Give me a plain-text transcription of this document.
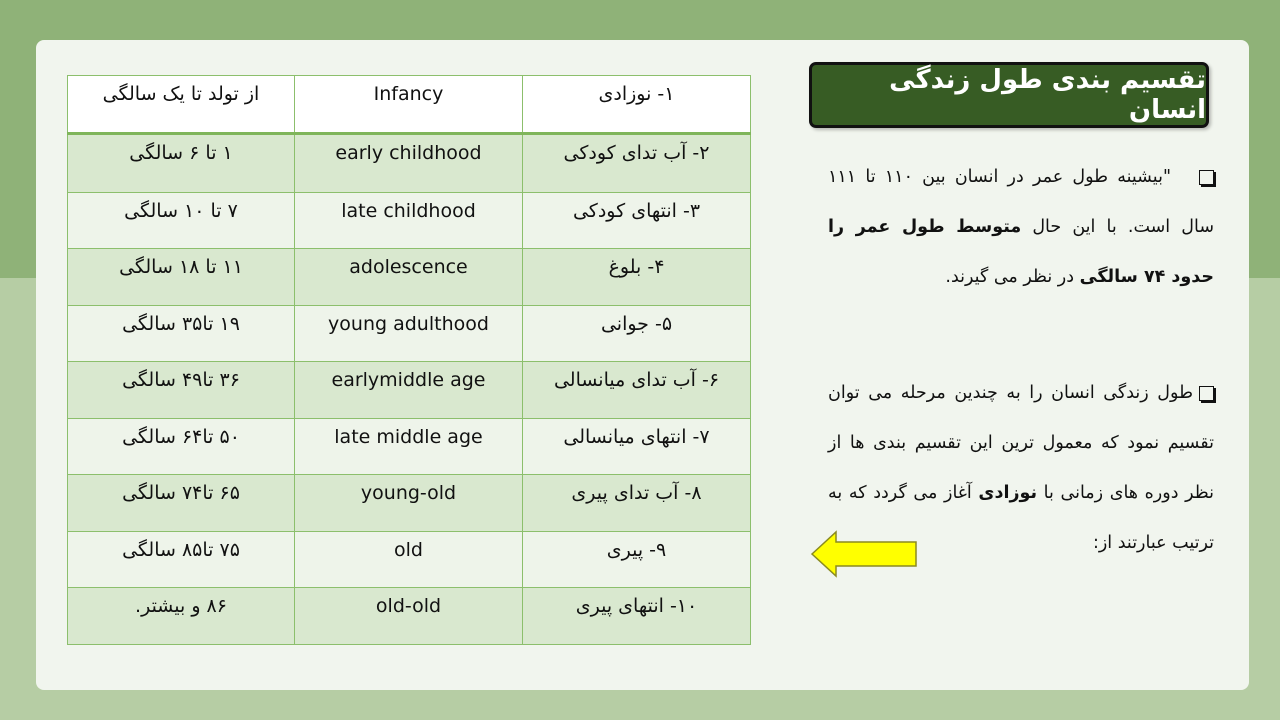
از تولد تا یک سالگی	Infancy	۱- نوزادی
۱ تا ۶ سالگی	early childhood	۲- آب تدای کودکی
۷ تا ۱۰ سالگی	late childhood	۳- انتهای کودکی
۱۱ تا ۱۸ سالگی	adolescence	۴- بلوغ
۱۹ تا۳۵ سالگی	young adulthood	۵- جوانی
۳۶ تا۴۹ سالگی	earlymiddle age	۶- آب تدای میانسالی
۵۰ تا۶۴ سالگی	late middle age	۷- انتهای میانسالی
۶۵ تا۷۴ سالگی	young-old	۸- آب تدای پیری
۷۵ تا۸۵ سالگی	old	۹- پیری
۸۶ و بیشتر.	old-old	۱۰- انتهای پیری
تقسیم بندی طول زندگی انسان
"بیشینه طول عمر در انسان بین ۱۱۰ تا ۱۱۱ سال است. با این حال متوسط طول عمر را حدود ۷۴ سالگی در نظر می گیرند.
طول زندگی انسان را به چندین مرحله می توان تقسیم نمود که معمول ترین این تقسیم بندی ها از نظر دوره های زمانی با نوزادی آغاز می گردد که به ترتیب عبارتند از:
